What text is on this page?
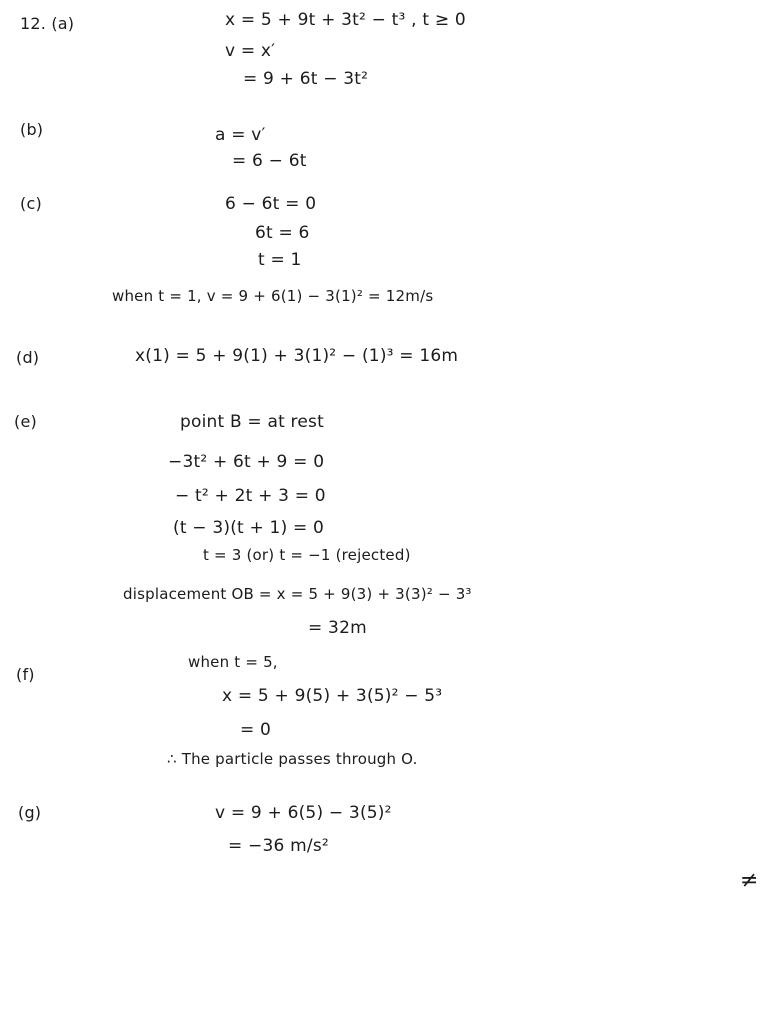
12. (a)	x = 5 + 9t + 3t² − t³ , t ≥ 0
v = x′
= 9 + 6t − 3t²
(b)	a = v′
= 6 − 6t
(c)	6 − 6t = 0
6t = 6
t = 1
when t = 1, v = 9 + 6(1) − 3(1)² = 12m/s
(d)	x(1) = 5 + 9(1) + 3(1)² − (1)³ = 16m
(e)	point B = at rest
−3t² + 6t + 9 = 0
− t² + 2t + 3 = 0
(t − 3)(t + 1) = 0
t = 3 (or) t = −1 (rejected)
displacement OB = x = 5 + 9(3) + 3(3)² − 3³
= 32m
(f)
when t = 5,
x = 5 + 9(5) + 3(5)² − 5³
= 0
∴ The particle passes through O.
(g)	v = 9 + 6(5) − 3(5)²
= −36 m/s²
≠
